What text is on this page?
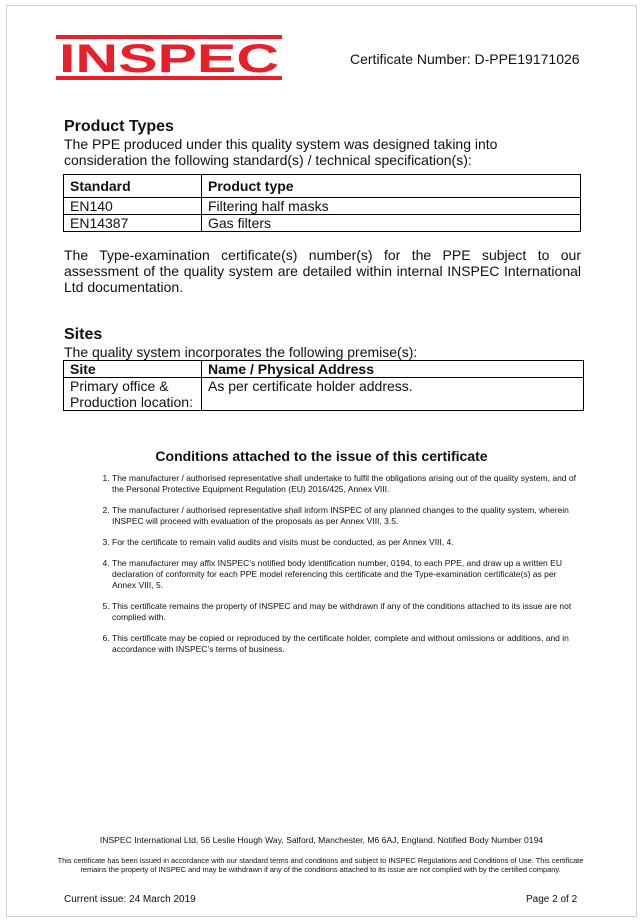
INSPEC	Certificate Number: D-PPE19171026
Product Types
The PPE produced under this quality system was designed taking into consideration the following standard(s) / technical specification(s):
Standard	Product type
EN140	Filtering half masks
EN14387	Gas filters
The Type-examination certificate(s) number(s) for the PPE subject to our assessment of the quality system are detailed within internal INSPEC International Ltd documentation.
Sites
The quality system incorporates the following premise(s):
Site	Name / Physical Address
Primary office & Production location:	As per certificate holder address.
Conditions attached to the issue of this certificate
1. The manufacturer / authorised representative shall undertake to fulfil the obligations arising out of the quality system, and of the Personal Protective Equipment Regulation (EU) 2016/425, Annex VIII.
2. The manufacturer / authorised representative shall inform INSPEC of any planned changes to the quality system, wherein INSPEC will proceed with evaluation of the proposals as per Annex VIII, 3.5.
3. For the certificate to remain valid audits and visits must be conducted, as per Annex VIII, 4.
4. The manufacturer may affix INSPEC’s notified body identification number, 0194, to each PPE, and draw up a written EU declaration of conformity for each PPE model referencing this certificate and the Type-examination certificate(s) as per Annex VIII, 5.
5. This certificate remains the property of INSPEC and may be withdrawn if any of the conditions attached to its issue are not complied with.
6. This certificate may be copied or reproduced by the certificate holder, complete and without omissions or additions, and in accordance with INSPEC’s terms of business.
INSPEC International Ltd, 56 Leslie Hough Way, Salford, Manchester, M6 6AJ, England. Notified Body Number 0194
This certificate has been issued in accordance with our standard terms and conditions and subject to INSPEC Regulations and Conditions of Use. This certificate remains the property of INSPEC and may be withdrawn if any of the conditions attached to its issue are not complied with by the certified company.
Current issue: 24 March 2019	Page 2 of 2
